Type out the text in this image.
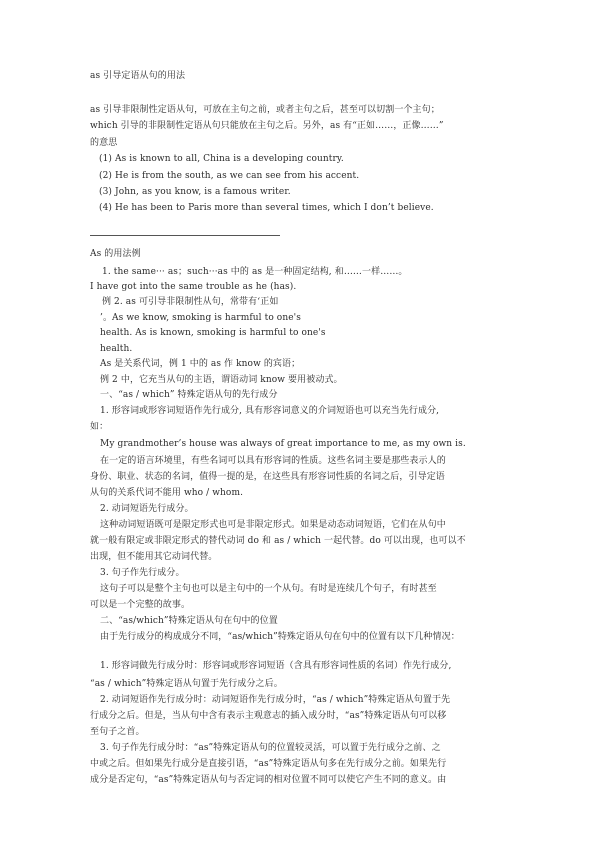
as 引导定语从句的用法
as 引导非限制性定语从句，可放在主句之前，或者主句之后，甚至可以切割一个主句；
which 引导的非限制性定语从句只能放在主句之后。另外，as 有“正如……，正像……”
的意思
(1) As is known to all, China is a developing country.
(2) He is from the south, as we can see from his accent.
(3) John, as you know, is a famous writer.
(4) He has been to Paris more than several times, which I don’t believe.
As 的用法例
1. the same··· as；such···as 中的 as 是一种固定结构, 和……一样……。
I have got into the same trouble as he (has).
例 2. as 可引导非限制性从句，常带有‘正如
’。As we know, smoking is harmful to one's
health. As is known, smoking is harmful to one's
health.
As 是关系代词，例 1 中的 as 作 know 的宾语；
例 2 中，它充当从句的主语，谓语动词 know 要用被动式。
一、“as / which” 特殊定语从句的先行成分
1. 形容词或形容词短语作先行成分, 具有形容词意义的介词短语也可以充当先行成分,
如：
My grandmother’s house was always of great importance to me, as my own is.
在一定的语言环境里，有些名词可以具有形容词的性质。这些名词主要是那些表示人的
身份、职业、状态的名词，值得一提的是，在这些具有形容词性质的名词之后，引导定语
从句的关系代词不能用 who / whom.
2. 动词短语先行成分。
这种动词短语既可是限定形式也可是非限定形式。如果是动态动词短语，它们在从句中
就一般有限定或非限定形式的替代动词 do 和 as / which 一起代替。do 可以出现，也可以不
出现，但不能用其它动词代替。
3. 句子作先行成分。
这句子可以是整个主句也可以是主句中的一个从句。有时是连续几个句子，有时甚至
可以是一个完整的故事。
二、“as/which”特殊定语从句在句中的位置
由于先行成分的构成成分不同，“as/which”特殊定语从句在句中的位置有以下几种情况：
1. 形容词做先行成分时：形容词或形容词短语（含具有形容词性质的名词）作先行成分,
“as / which”特殊定语从句置于先行成分之后。
2. 动词短语作先行成分时：动词短语作先行成分时，“as / which”特殊定语从句置于先
行成分之后。但是，当从句中含有表示主观意志的插入成分时，“as”特殊定语从句可以移
至句子之首。
3. 句子作先行成分时：“as”特殊定语从句的位置较灵活，可以置于先行成分之前、之
中或之后。但如果先行成分是直接引语，“as”特殊定语从句多在先行成分之前。如果先行
成分是否定句，“as”特殊定语从句与否定词的相对位置不同可以使它产生不同的意义。由
